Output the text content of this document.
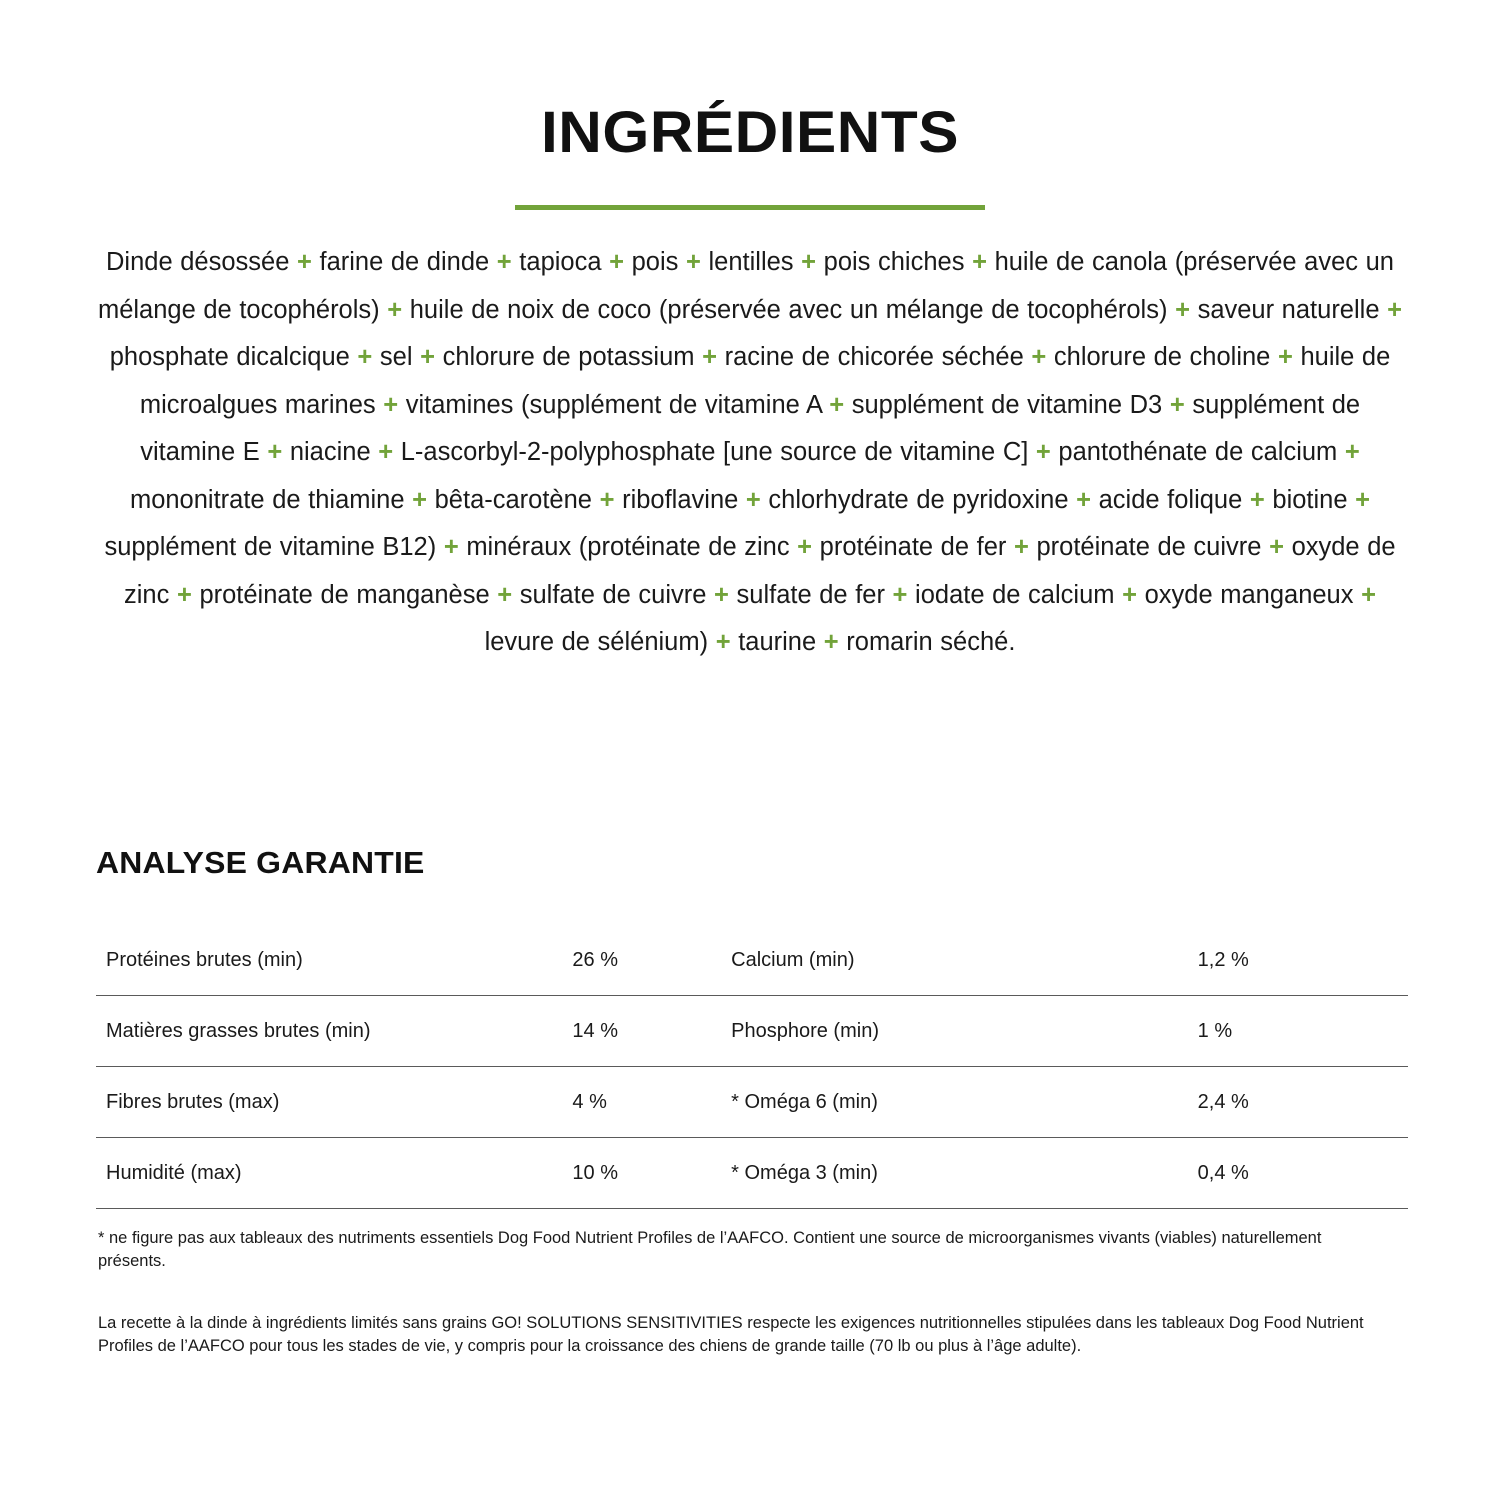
INGRÉDIENTS
Dinde désossée + farine de dinde + tapioca + pois + lentilles + pois chiches + huile de canola (préservée avec un mélange de tocophérols) + huile de noix de coco (préservée avec un mélange de tocophérols) + saveur naturelle + phosphate dicalcique + sel + chlorure de potassium + racine de chicorée séchée + chlorure de choline + huile de microalgues marines + vitamines (supplément de vitamine A + supplément de vitamine D3 + supplément de vitamine E + niacine + L-ascorbyl-2-polyphosphate [une source de vitamine C] + pantothénate de calcium + mononitrate de thiamine + bêta-carotène + riboflavine + chlorhydrate de pyridoxine + acide folique + biotine + supplément de vitamine B12) + minéraux (protéinate de zinc + protéinate de fer + protéinate de cuivre + oxyde de zinc + protéinate de manganèse + sulfate de cuivre + sulfate de fer + iodate de calcium + oxyde manganeux + levure de sélénium) + taurine + romarin séché.
ANALYSE GARANTIE
Protéines brutes (min)	26 %	Calcium (min)	1,2 %
Matières grasses brutes (min)	14 %	Phosphore (min)	1 %
Fibres brutes (max)	4 %	* Oméga 6 (min)	2,4 %
Humidité (max)	10 %	* Oméga 3 (min)	0,4 %
* ne figure pas aux tableaux des nutriments essentiels Dog Food Nutrient Profiles de l’AAFCO. Contient une source de microorganismes vivants (viables) naturellement présents.
La recette à la dinde à ingrédients limités sans grains GO! SOLUTIONS SENSITIVITIES respecte les exigences nutritionnelles stipulées dans les tableaux Dog Food Nutrient Profiles de l’AAFCO pour tous les stades de vie, y compris pour la croissance des chiens de grande taille (70 lb ou plus à l’âge adulte).
